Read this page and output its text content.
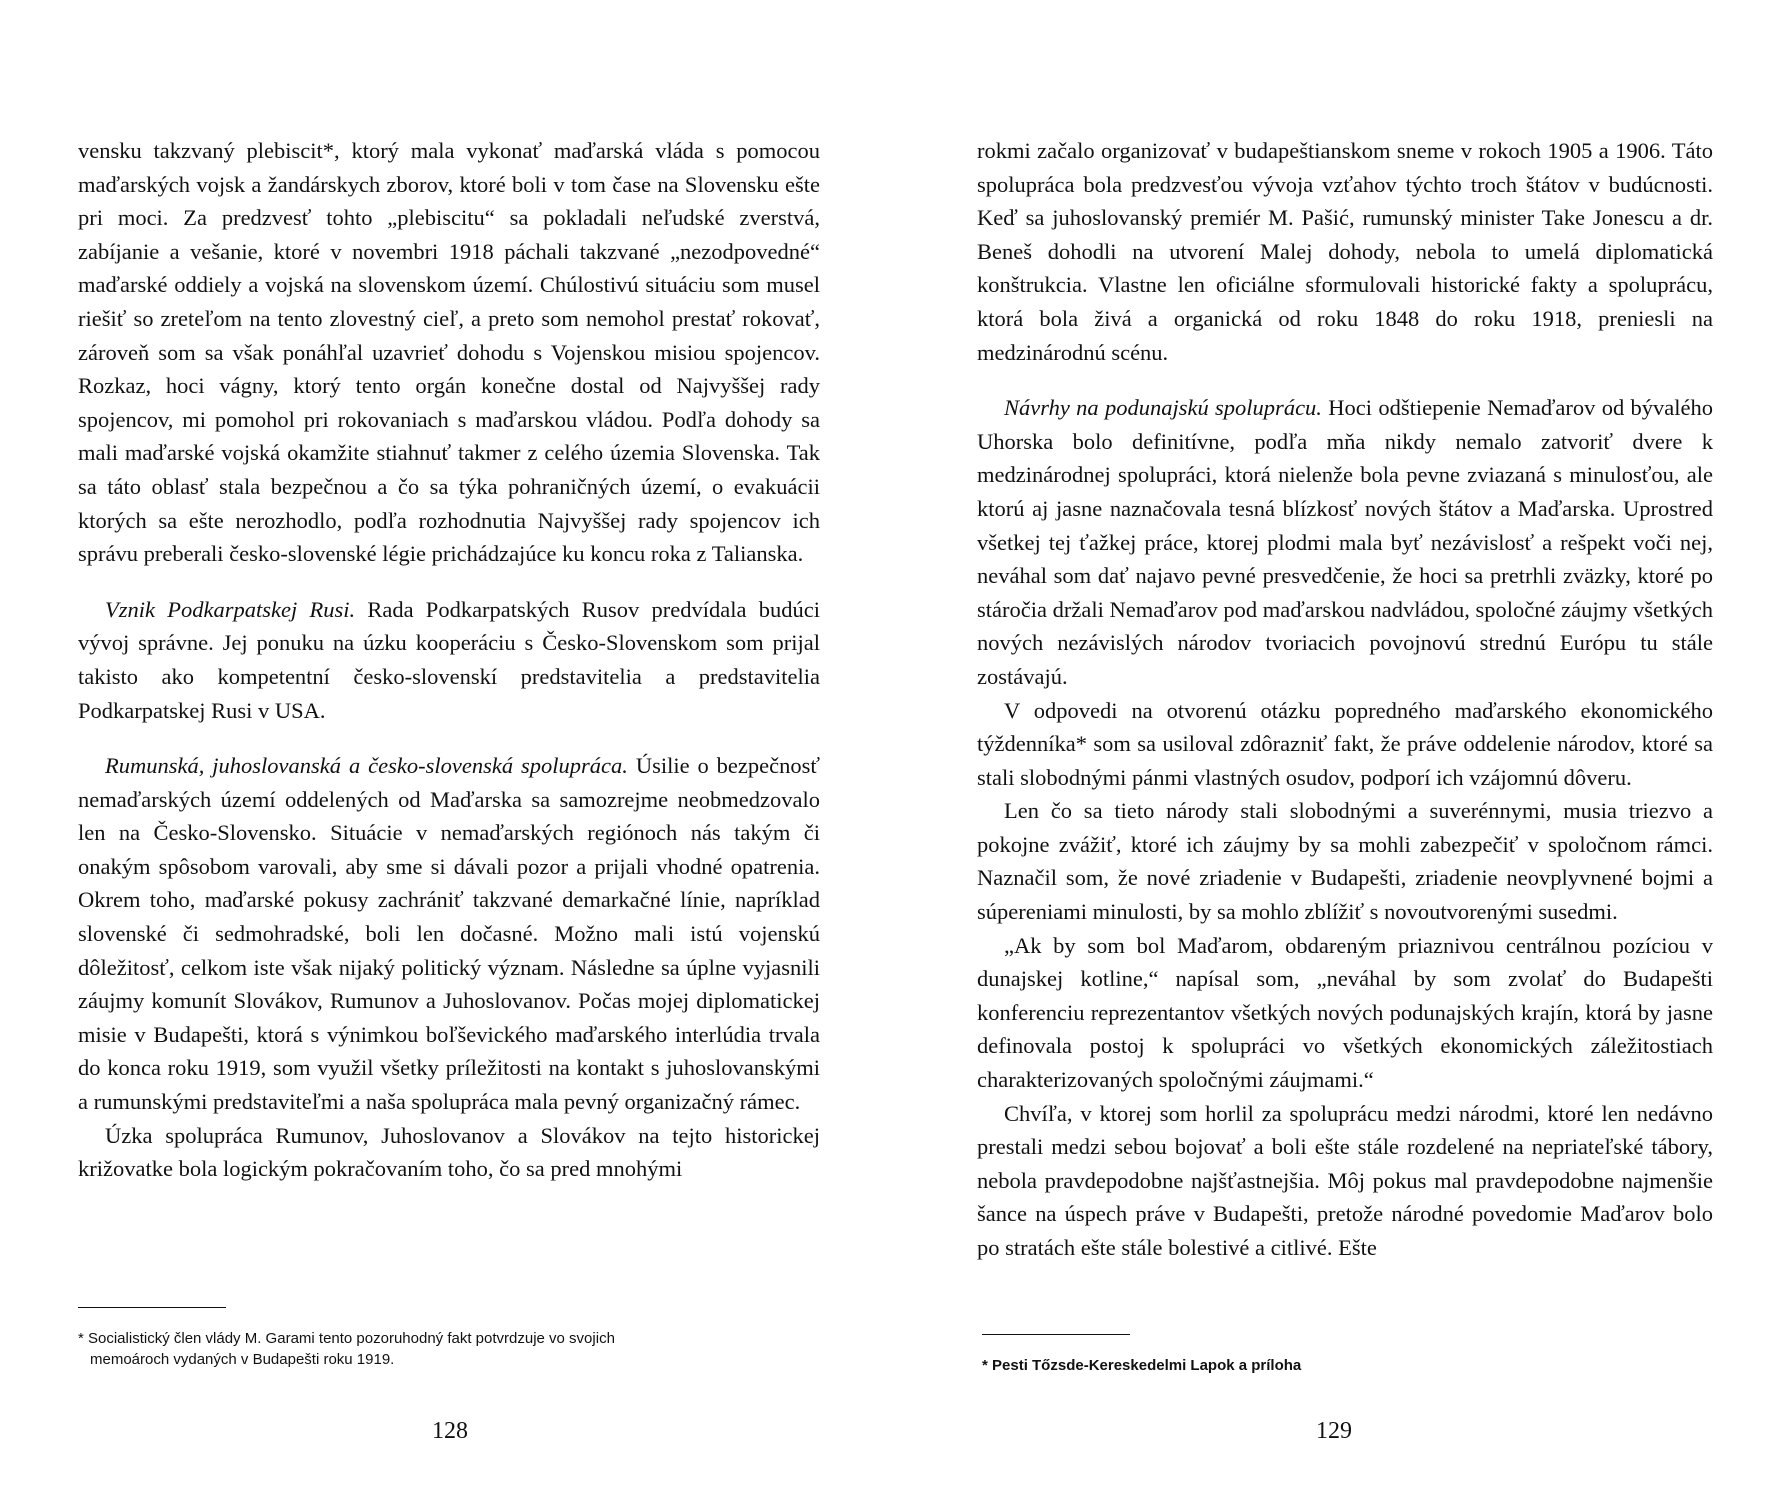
vensku takzvaný plebiscit*, ktorý mala vykonať maďarská vláda s pomocou maďarských vojsk a žandárskych zborov, ktoré boli v tom čase na Slovensku ešte pri moci. Za predzvesť tohto „plebiscitu“ sa pokladali neľudské zverstvá, zabíjanie a vešanie, ktoré v novembri 1918 páchali takzvané „nezodpovedné“ maďarské oddiely a vojská na slovenskom území. Chúlostivú situáciu som musel riešiť so zreteľom na tento zlovestný cieľ, a preto som nemohol prestať rokovať, zároveň som sa však ponáhľal uzavrieť dohodu s Vojenskou misiou spojencov. Rozkaz, hoci vágny, ktorý tento orgán konečne dostal od Najvyššej rady spojencov, mi pomohol pri rokovaniach s maďarskou vládou. Podľa dohody sa mali maďarské vojská okamžite stiahnuť takmer z celého územia Slovenska. Tak sa táto oblasť stala bezpečnou a čo sa týka pohraničných území, o evakuácii ktorých sa ešte nerozhodlo, podľa rozhodnutia Najvyššej rady spojencov ich správu preberali česko-slovenské légie prichádzajúce ku koncu roka z Talianska.

Vznik Podkarpatskej Rusi. Rada Podkarpatských Rusov predvídala budúci vývoj správne. Jej ponuku na úzku kooperáciu s Česko-Slovenskom som prijal takisto ako kompetentní česko-slovenskí predstavitelia a predstavitelia Podkarpatskej Rusi v USA.

Rumunská, juhoslovanská a česko-slovenská spolupráca. Úsilie o bezpečnosť nemaďarských území oddelených od Maďarska sa samozrejme neobmedzovalo len na Česko-Slovensko. Situácie v nemaďarských regiónoch nás takým či onakým spôsobom varovali, aby sme si dávali pozor a prijali vhodné opatrenia. Okrem toho, maďarské pokusy zachrániť takzvané demarkačné línie, napríklad slovenské či sedmohradské, boli len dočasné. Možno mali istú vojenskú dôležitosť, celkom iste však nijaký politický význam. Následne sa úplne vyjasnili záujmy komunít Slovákov, Rumunov a Juhoslovanov. Počas mojej diplomatickej misie v Budapešti, ktorá s výnimkou boľševického maďarského interlúdia trvala do konca roku 1919, som využil všetky príležitosti na kontakt s juhoslovanskými a rumunskými predstaviteľmi a naša spolupráca mala pevný organizačný rámec.

Úzka spolupráca Rumunov, Juhoslovanov a Slovákov na tejto historickej križovatke bola logickým pokračovaním toho, čo sa pred mnohými

* Socialistický člen vlády M. Garami tento pozoruhodný fakt potvrdzuje vo svojich
memoároch vydaných v Budapešti roku 1919.
128

rokmi začalo organizovať v budapeštianskom sneme v rokoch 1905 a 1906. Táto spolupráca bola predzvesťou vývoja vzťahov týchto troch štátov v budúcnosti. Keď sa juhoslovanský premiér M. Pašić, rumunský minister Take Jonescu a dr. Beneš dohodli na utvorení Malej dohody, nebola to umelá diplomatická konštrukcia. Vlastne len oficiálne sformulovali historické fakty a spoluprácu, ktorá bola živá a organická od roku 1848 do roku 1918, preniesli na medzinárodnú scénu.

Návrhy na podunajskú spoluprácu. Hoci odštiepenie Nemaďarov od bývalého Uhorska bolo definitívne, podľa mňa nikdy nemalo zatvoriť dvere k medzinárodnej spolupráci, ktorá nielenže bola pevne zviazaná s minulosťou, ale ktorú aj jasne naznačovala tesná blízkosť nových štátov a Maďarska. Uprostred všetkej tej ťažkej práce, ktorej plodmi mala byť nezávislosť a rešpekt voči nej, neváhal som dať najavo pevné presvedčenie, že hoci sa pretrhli zväzky, ktoré po stáročia držali Nemaďarov pod maďarskou nadvládou, spoločné záujmy všetkých nových nezávislých národov tvoriacich povojnovú strednú Európu tu stále zostávajú.

V odpovedi na otvorenú otázku popredného maďarského ekonomického týždenníka* som sa usiloval zdôrazniť fakt, že práve oddelenie národov, ktoré sa stali slobodnými pánmi vlastných osudov, podporí ich vzájomnú dôveru.

Len čo sa tieto národy stali slobodnými a suverénnymi, musia triezvo a pokojne zvážiť, ktoré ich záujmy by sa mohli zabezpečiť v spoločnom rámci. Naznačil som, že nové zriadenie v Budapešti, zriadenie neovplyvnené bojmi a súpereniami minulosti, by sa mohlo zblížiť s novoutvorenými susedmi.

„Ak by som bol Maďarom, obdareným priaznivou centrálnou pozíciou v dunajskej kotline,“ napísal som, „neváhal by som zvolať do Budapešti konferenciu reprezentantov všetkých nových podunajských krajín, ktorá by jasne definovala postoj k spolupráci vo všetkých ekonomických záležitostiach charakterizovaných spoločnými záujmami.“

Chvíľa, v ktorej som horlil za spoluprácu medzi národmi, ktoré len nedávno prestali medzi sebou bojovať a boli ešte stále rozdelené na nepriateľské tábory, nebola pravdepodobne najšťastnejšia. Môj pokus mal pravdepodobne najmenšie šance na úspech práve v Budapešti, pretože národné povedomie Maďarov bolo po stratách ešte stále bolestivé a citlivé. Ešte

* Pesti Tőzsde-Kereskedelmi Lapok a príloha
129
